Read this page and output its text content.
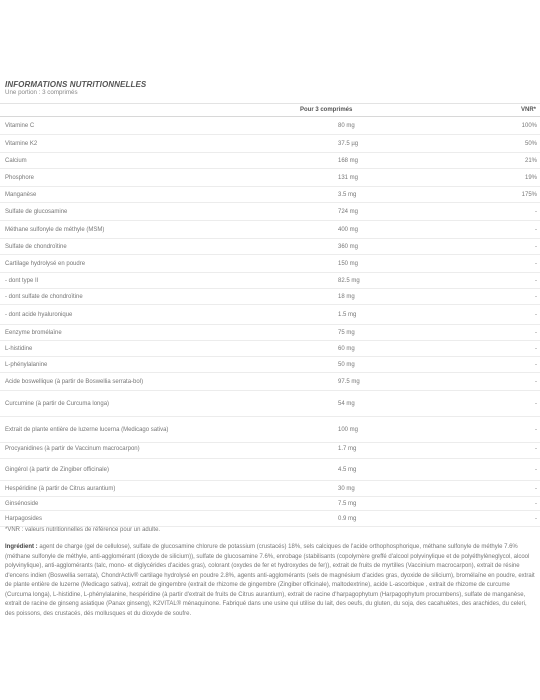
INFORMATIONS NUTRITIONNELLES
Une portion : 3 comprimés
Pour 3 comprimés	VNR*
Vitamine C	80 mg	100%
Vitamine K2	37.5 µg	50%
Calcium	168 mg	21%
Phosphore	131 mg	19%
Manganèse	3.5 mg	175%
Sulfate de glucosamine	724 mg	-
Méthane sulfonyle de méthyle (MSM)	400 mg	-
Sulfate de chondroïtine	360 mg	-
Cartilage hydrolysé en poudre	150 mg	-
- dont type II	82.5 mg	-
- dont sulfate de chondroïtine	18 mg	-
- dont acide hyaluronique	1.5 mg	-
Eenzyme bromélaïne	75 mg	-
L-histidine	60 mg	-
L-phénylalanine	50 mg	-
Acide boswellique (à partir de Boswellia serrata-bol)	97.5 mg	-
Curcumine (à partir de Curcuma longa)	54 mg	-
Extrait de plante entière de luzerne lucerna (Medicago sativa)	100 mg	-
Procyanidines (à partir de Vaccinum macrocarpon)	1.7 mg	-
Gingérol (à partir de Zingiber officinale)	4.5 mg	-
Hespéridine (à partir de Citrus aurantium)	30 mg	-
Ginsénoside	7.5 mg	-
Harpagosides	0.9 mg	-
*VNR : valeurs nutritionnelles de référence pour un adulte.
Ingrédient : agent de charge (gel de cellulose), sulfate de glucosamine chlorure de potassium (crustacés) 18%, sels calciques de l'acide orthophosphorique, méthane sulfonyle de méthyle 7.6% (méthane sulfonyle de méthyle, anti-agglomérant (dioxyde de silicium)), sulfate de glucosamine 7.6%, enrobage (stabilisants (copolymère greffé d'alcool polyvinylique et de polyéthylèneglycol, alcool polyvinylique), anti-agglomérants (talc, mono- et diglycérides d'acides gras), colorant (oxydes de fer et hydroxydes de fer)), extrait de fruits de myrtilles (Vaccinium macrocarpon), extrait de résine d'encens indien (Boswellia serrata), ChondrActiv® cartilage hydrolysé en poudre 2.8%, agents anti-agglomérants (sels de magnésium d'acides gras, dyoxide de silicium), bromélaïne en poudre, extrait de plante entière de luzerne (Medicago sativa), extrait de gingembre (extrait de rhizome de gingembre (Zingiber officinale), maltodextrine), acide L-ascorbique , extrait de rhizome de curcume (Curcuma longa), L-histidine, L-phénylalanine, hespéridine (à partir d'extrait de fruits de Citrus aurantium), extrait de racine d'harpagophytum (Harpagophytum procumbens), sulfate de manganèse, extrait de racine de ginseng asiatique (Panax ginseng), K2VITAL® ménaquinone. Fabriqué dans une usine qui utilise du lait, des oeufs, du gluten, du soja, des cacahuètes, des arachides, du celeri, des poissons, des crustacés, dés mollusques et du dioxyde de soufre.
